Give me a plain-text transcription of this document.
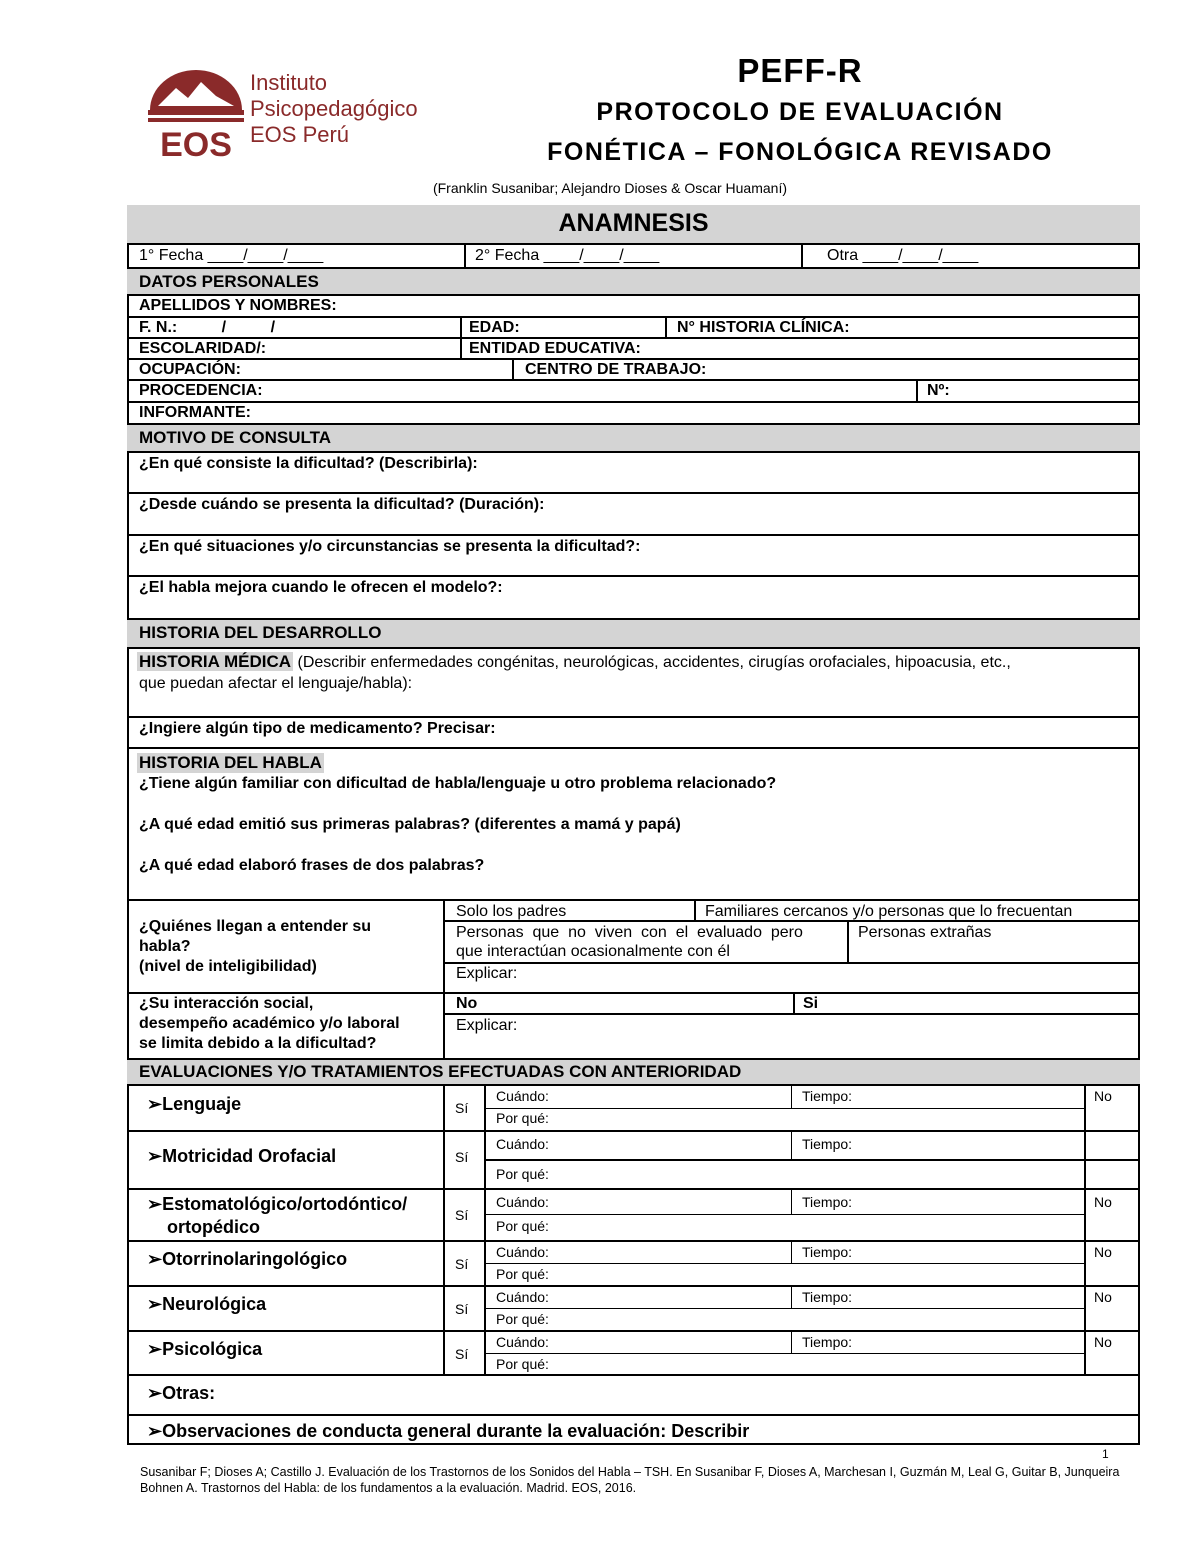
EOS
Instituto
Psicopedagógico
EOS Perú
PEFF-R
PROTOCOLO DE EVALUACIÓN
FONÉTICA – FONOLÓGICA REVISADO
(Franklin Susanibar; Alejandro Dioses & Oscar Huamaní)
ANAMNESIS
1° Fecha ____/____/____	2° Fecha ____/____/____	Otra ____/____/____
DATOS PERSONALES
APELLIDOS Y NOMBRES:
F. N.:          /          /	EDAD:	N° HISTORIA CLÍNICA:
ESCOLARIDAD/:	ENTIDAD EDUCATIVA:
OCUPACIÓN:	CENTRO DE TRABAJO:
PROCEDENCIA:	Nº:
INFORMANTE:
MOTIVO DE CONSULTA
¿En qué consiste la dificultad? (Describirla):
¿Desde cuándo se presenta la dificultad? (Duración):
¿En qué situaciones y/o circunstancias se presenta la dificultad?:
¿El habla mejora cuando le ofrecen el modelo?:
HISTORIA DEL DESARROLLO
HISTORIA MÉDICA (Describir enfermedades congénitas, neurológicas, accidentes, cirugías orofaciales, hipoacusia, etc.,
que puedan afectar el lenguaje/habla):
¿Ingiere algún tipo de medicamento? Precisar:
HISTORIA DEL HABLA
¿Tiene algún familiar con dificultad de habla/lenguaje u otro problema relacionado?
¿A qué edad emitió sus primeras palabras? (diferentes a mamá y papá)
¿A qué edad elaboró frases de dos palabras?
¿Quiénes llegan a entender su
habla?
(nivel de inteligibilidad)
Solo los padres	Familiares cercanos y/o personas que lo frecuentan
Personas  que  no  viven  con  el  evaluado  pero
que interactúan ocasionalmente con él
Personas extrañas
Explicar:
¿Su interacción social,
desempeño académico y/o laboral
se limita debido a la dificultad?
No	Si
Explicar:
EVALUACIONES Y/O TRATAMIENTOS EFECTUADAS CON ANTERIORIDAD
➢Lenguaje	Sí
Cuándo:	Tiempo:
Por qué:
No
➢Motricidad Orofacial	Sí
Cuándo:	Tiempo:
Por qué:
➢Estomatológico/ortodóntico/
ortopédico
Sí
Cuándo:	Tiempo:
Por qué:
No
➢Otorrinolaringológico	Sí
Cuándo:	Tiempo:
Por qué:
No
➢Neurológica	Sí
Cuándo:	Tiempo:
Por qué:
No
➢Psicológica	Sí
Cuándo:	Tiempo:
Por qué:
No
➢Otras:
➢Observaciones de conducta general durante la evaluación: Describir
1
Susanibar F; Dioses A; Castillo J. Evaluación de los Trastornos de los Sonidos del Habla – TSH. En Susanibar F, Dioses A, Marchesan I, Guzmán M, Leal G, Guitar B, Junqueira Bohnen A. Trastornos del Habla: de los fundamentos a la evaluación. Madrid. EOS, 2016.
